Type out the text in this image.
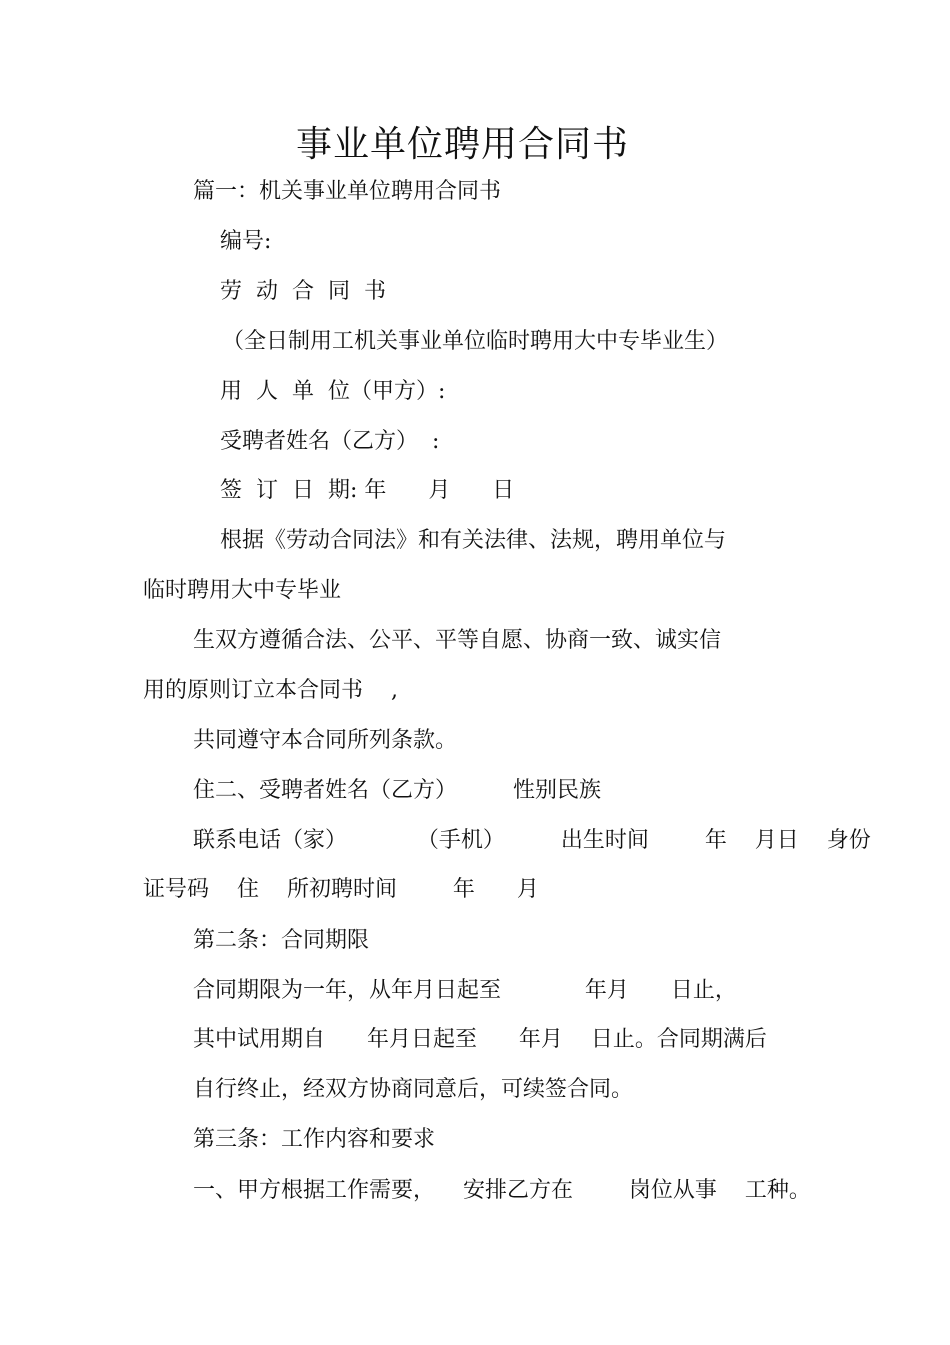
事业单位聘用合同书
篇一：机关事业单位聘用合同书
编号:
劳  动  合  同  书
（全日制用工机关事业单位临时聘用大中专毕业生）
用  人  单  位（甲方）:
受聘者姓名（乙方）  :
签  订  日  期: 年      月      日
根据《劳动合同法》和有关法律、法规，聘用单位与
临时聘用大中专毕业
生双方遵循合法、公平、平等自愿、协商一致、诚实信
用的原则订立本合同书    ,
共同遵守本合同所列条款。
住二、受聘者姓名（乙方）        性别民族
联系电话（家）          （手机）        出生时间        年    月日    身份
证号码    住    所初聘时间        年      月
第二条：合同期限
合同期限为一年，从年月日起至            年月      日止，
其中试用期自      年月日起至      年月    日止。合同期满后
自行终止，经双方协商同意后，可续签合同。
第三条：工作内容和要求
一、甲方根据工作需要，    安排乙方在        岗位从事    工种。
